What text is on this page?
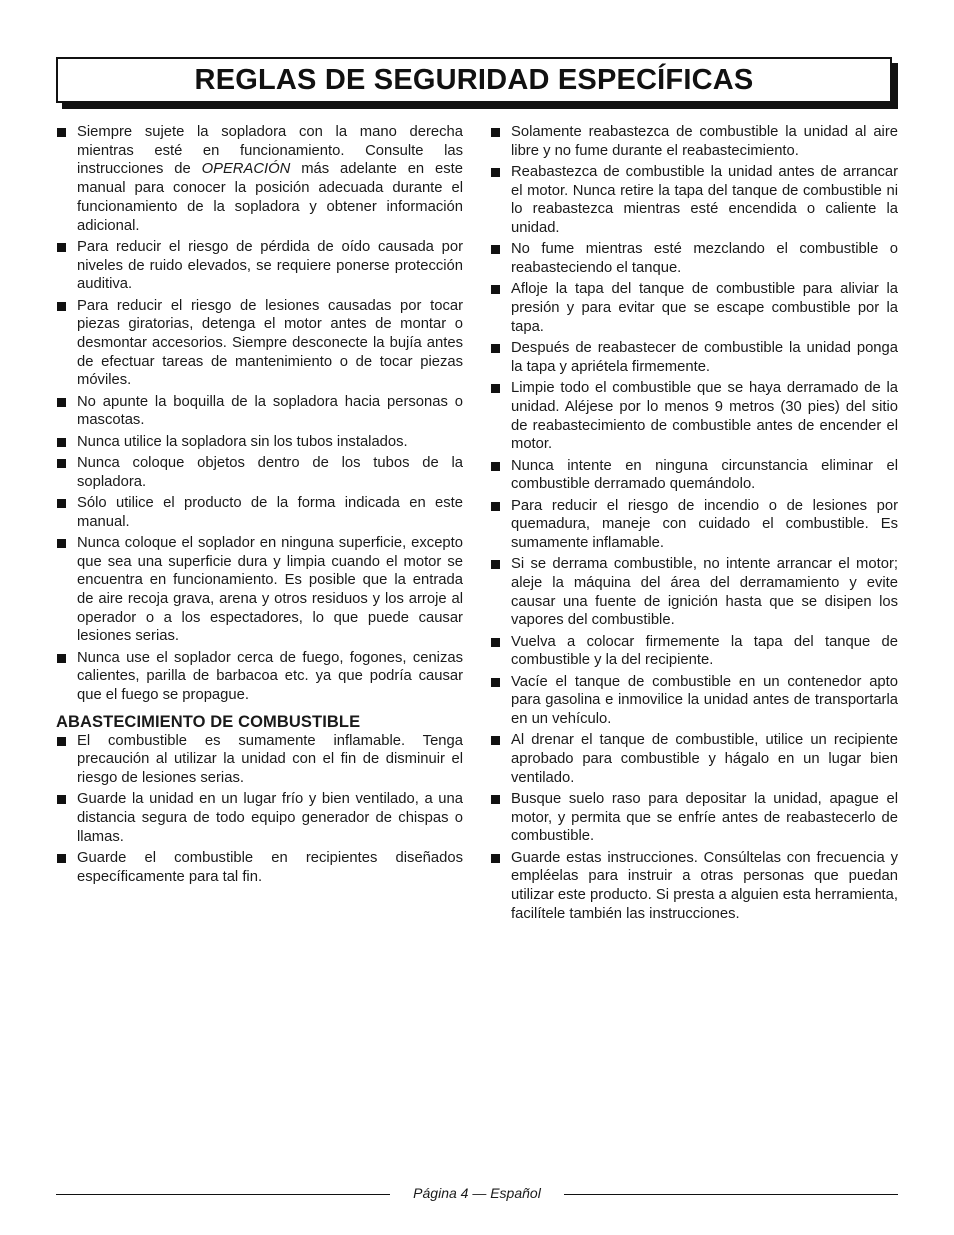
REGLAS DE SEGURIDAD ESPECÍFICAS
Siempre sujete la sopladora con la mano derecha mientras esté en funcionamiento. Consulte las instrucciones de OPERACIÓN más adelante en este manual para conocer la posición adecuada durante el funcionamiento de la sopladora y obtener información adicional.
Para reducir el riesgo de pérdida de oído causada por niveles de ruido elevados, se requiere ponerse protección auditiva.
Para reducir el riesgo de lesiones causadas por tocar piezas giratorias, detenga el motor antes de montar o desmontar accesorios. Siempre desconecte la bujía antes de efectuar tareas de mantenimiento o de tocar piezas móviles.
No apunte la boquilla de la sopladora hacia personas o mascotas.
Nunca utilice la sopladora sin los tubos instalados.
Nunca coloque objetos dentro de los tubos de la sopladora.
Sólo utilice el producto de la forma indicada en este manual.
Nunca coloque el soplador en ninguna superficie, excepto que sea una superficie dura y limpia cuando el motor se encuentra en funcionamiento. Es posible que la entrada de aire recoja grava, arena y otros residuos y los arroje al operador o a los espectadores, lo que puede causar lesiones serias.
Nunca use el soplador cerca de fuego, fogones, cenizas calientes, parilla de barbacoa etc. ya que podría causar que el fuego se propague.
ABASTECIMIENTO DE COMBUSTIBLE
El combustible es sumamente inflamable. Tenga precaución al utilizar la unidad con el fin de disminuir el riesgo de lesiones serias.
Guarde la unidad en un lugar frío y bien ventilado, a una distancia segura de todo equipo generador de chispas o llamas.
Guarde el combustible en recipientes diseñados específicamente para tal fin.
Solamente reabastezca de combustible la unidad al aire libre y no fume durante el reabastecimiento.
Reabastezca de combustible la unidad antes de arrancar el motor. Nunca retire la tapa del tanque de combustible ni lo reabastezca mientras esté encendida o caliente la unidad.
No fume mientras esté mezclando el combustible o reabasteciendo el tanque.
Afloje la tapa del tanque de combustible para aliviar la presión y para evitar que se escape combustible por la tapa.
Después de reabastecer de combustible la unidad ponga la tapa y apriétela firmemente.
Limpie todo el combustible que se haya derramado de la unidad. Aléjese por lo menos 9 metros (30 pies) del sitio de reabastecimiento de combustible antes de encender el motor.
Nunca intente en ninguna circunstancia eliminar el combustible derramado quemándolo.
Para reducir el riesgo de incendio o de lesiones por quemadura, maneje con cuidado el combustible. Es sumamente inflamable.
Si se derrama combustible, no intente arrancar el motor; aleje la máquina del área del derramamiento y evite causar una fuente de ignición hasta que se disipen los vapores del combustible.
Vuelva a colocar firmemente la tapa del tanque de combustible y la del recipiente.
Vacíe el tanque de combustible en un contenedor apto para gasolina e inmovilice la unidad antes de transportarla en un vehículo.
Al drenar el tanque de combustible, utilice un recipiente aprobado para combustible y hágalo en un lugar bien ventilado.
Busque suelo raso para depositar la unidad, apague el motor, y permita que se enfríe antes de reabastecerlo de combustible.
Guarde estas instrucciones. Consúltelas con frecuencia y empléelas para instruir a otras personas que puedan utilizar este producto. Si presta a alguien esta herramienta, facilítele también las instrucciones.
Página 4 — Español
